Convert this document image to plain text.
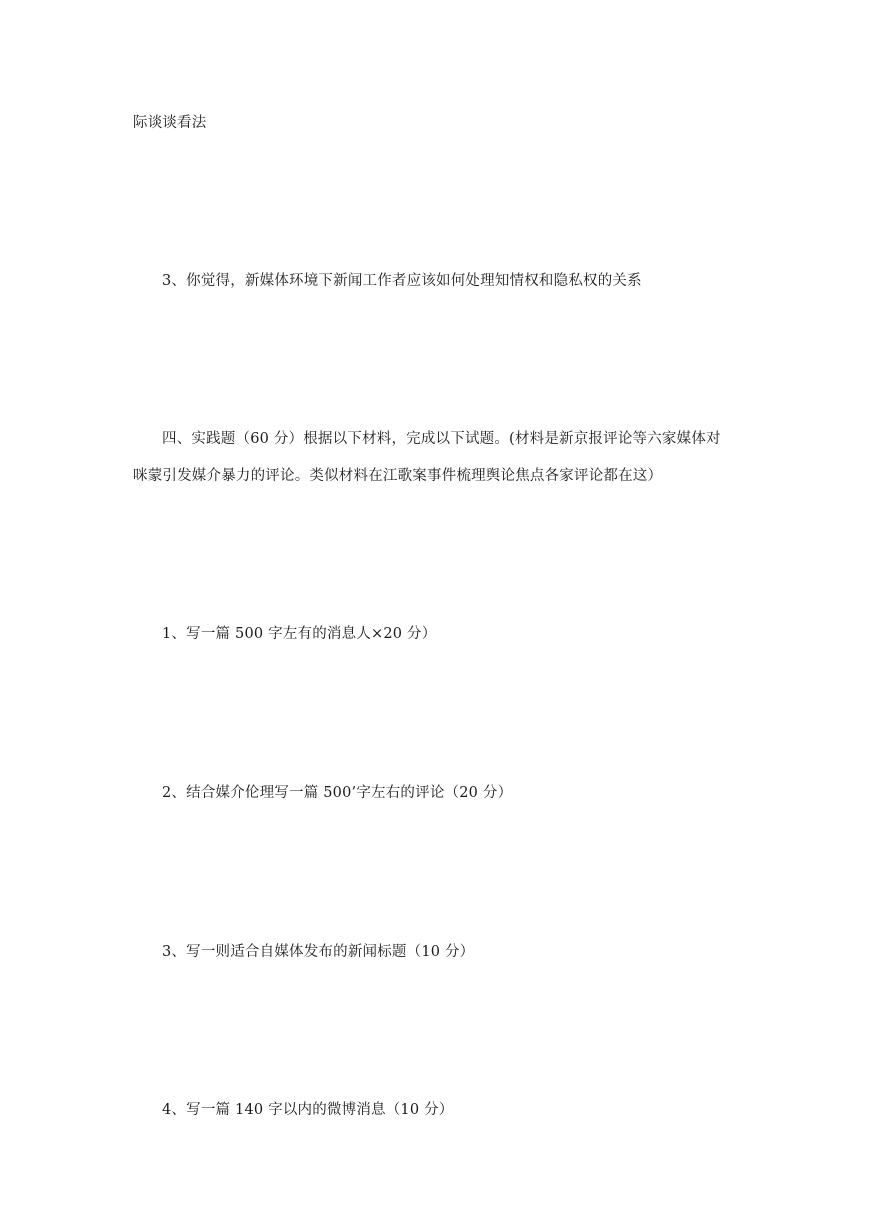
际谈谈看法
3、你觉得，新媒体环境下新闻工作者应该如何处理知情权和隐私权的关系
四、实践题（60 分）根据以下材料，完成以下试题。(材料是新京报评论等六家媒体对
咪蒙引发媒介暴力的评论。类似材料在江歌案事件梳理舆论焦点各家评论都在这）
1、写一篇 500 字左有的消息人×20 分）
2、结合媒介伦理写一篇 500’字左右的评论（20 分）
3、写一则适合自媒体发布的新闻标题（10 分）
4、写一篇 140 字以内的微博消息（10 分）
